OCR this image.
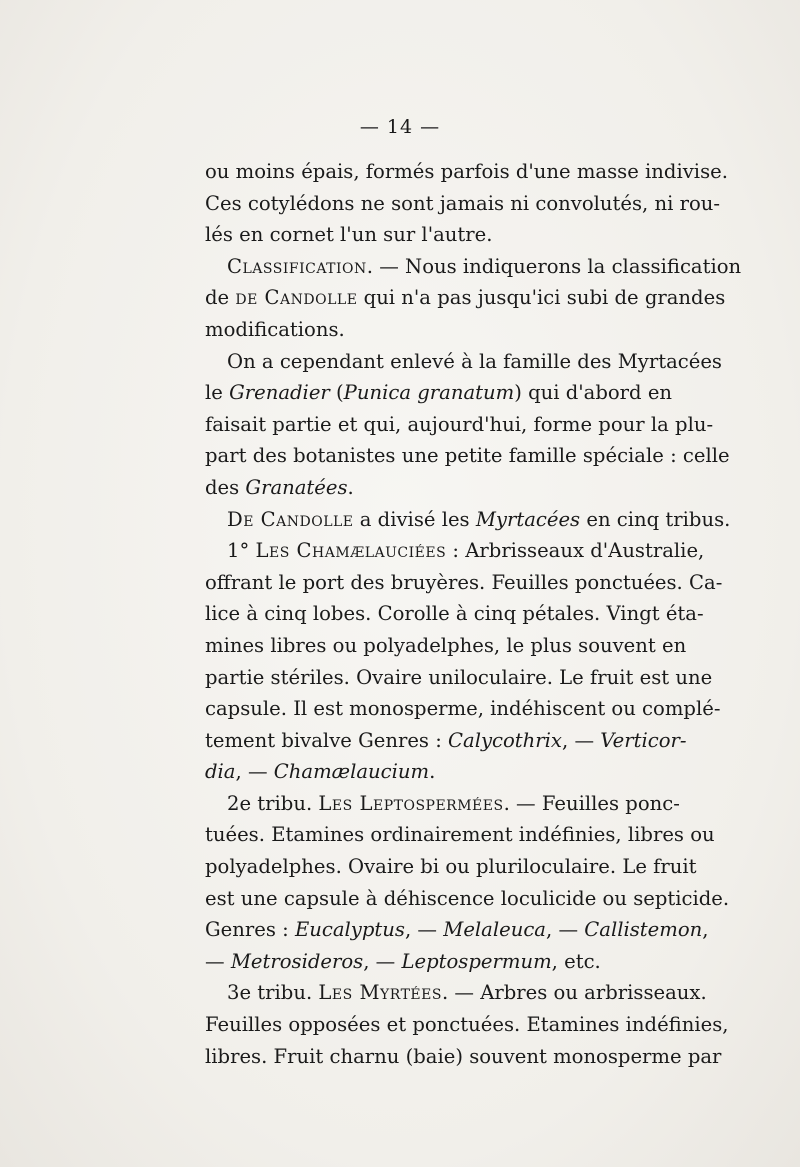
— 14 —
ou moins épais, formés parfois d'une masse indivise.
Ces cotylédons ne sont jamais ni convolutés, ni rou-
lés en cornet l'un sur l'autre.
Classification. — Nous indiquerons la classification
de de Candolle qui n'a pas jusqu'ici subi de grandes
modifications.
On a cependant enlevé à la famille des Myrtacées
le Grenadier (Punica granatum) qui d'abord en
faisait partie et qui, aujourd'hui, forme pour la plu-
part des botanistes une petite famille spéciale : celle
des Granatées.
De Candolle a divisé les Myrtacées en cinq tribus.
1° Les Chamælauciées : Arbrisseaux d'Australie,
offrant le port des bruyères. Feuilles ponctuées. Ca-
lice à cinq lobes. Corolle à cinq pétales. Vingt éta-
mines libres ou polyadelphes, le plus souvent en
partie stériles. Ovaire uniloculaire. Le fruit est une
capsule. Il est monosperme, indéhiscent ou complé-
tement bivalve Genres : Calycothrix, — Verticor-
dia, — Chamælaucium.
2e tribu. Les Leptospermées. — Feuilles ponc-
tuées. Etamines ordinairement indéfinies, libres ou
polyadelphes. Ovaire bi ou pluriloculaire. Le fruit
est une capsule à déhiscence loculicide ou septicide.
Genres : Eucalyptus, — Melaleuca, — Callistemon,
— Metrosideros, — Leptospermum, etc.
3e tribu. Les Myrtées. — Arbres ou arbrisseaux.
Feuilles opposées et ponctuées. Etamines indéfinies,
libres. Fruit charnu (baie) souvent monosperme par
